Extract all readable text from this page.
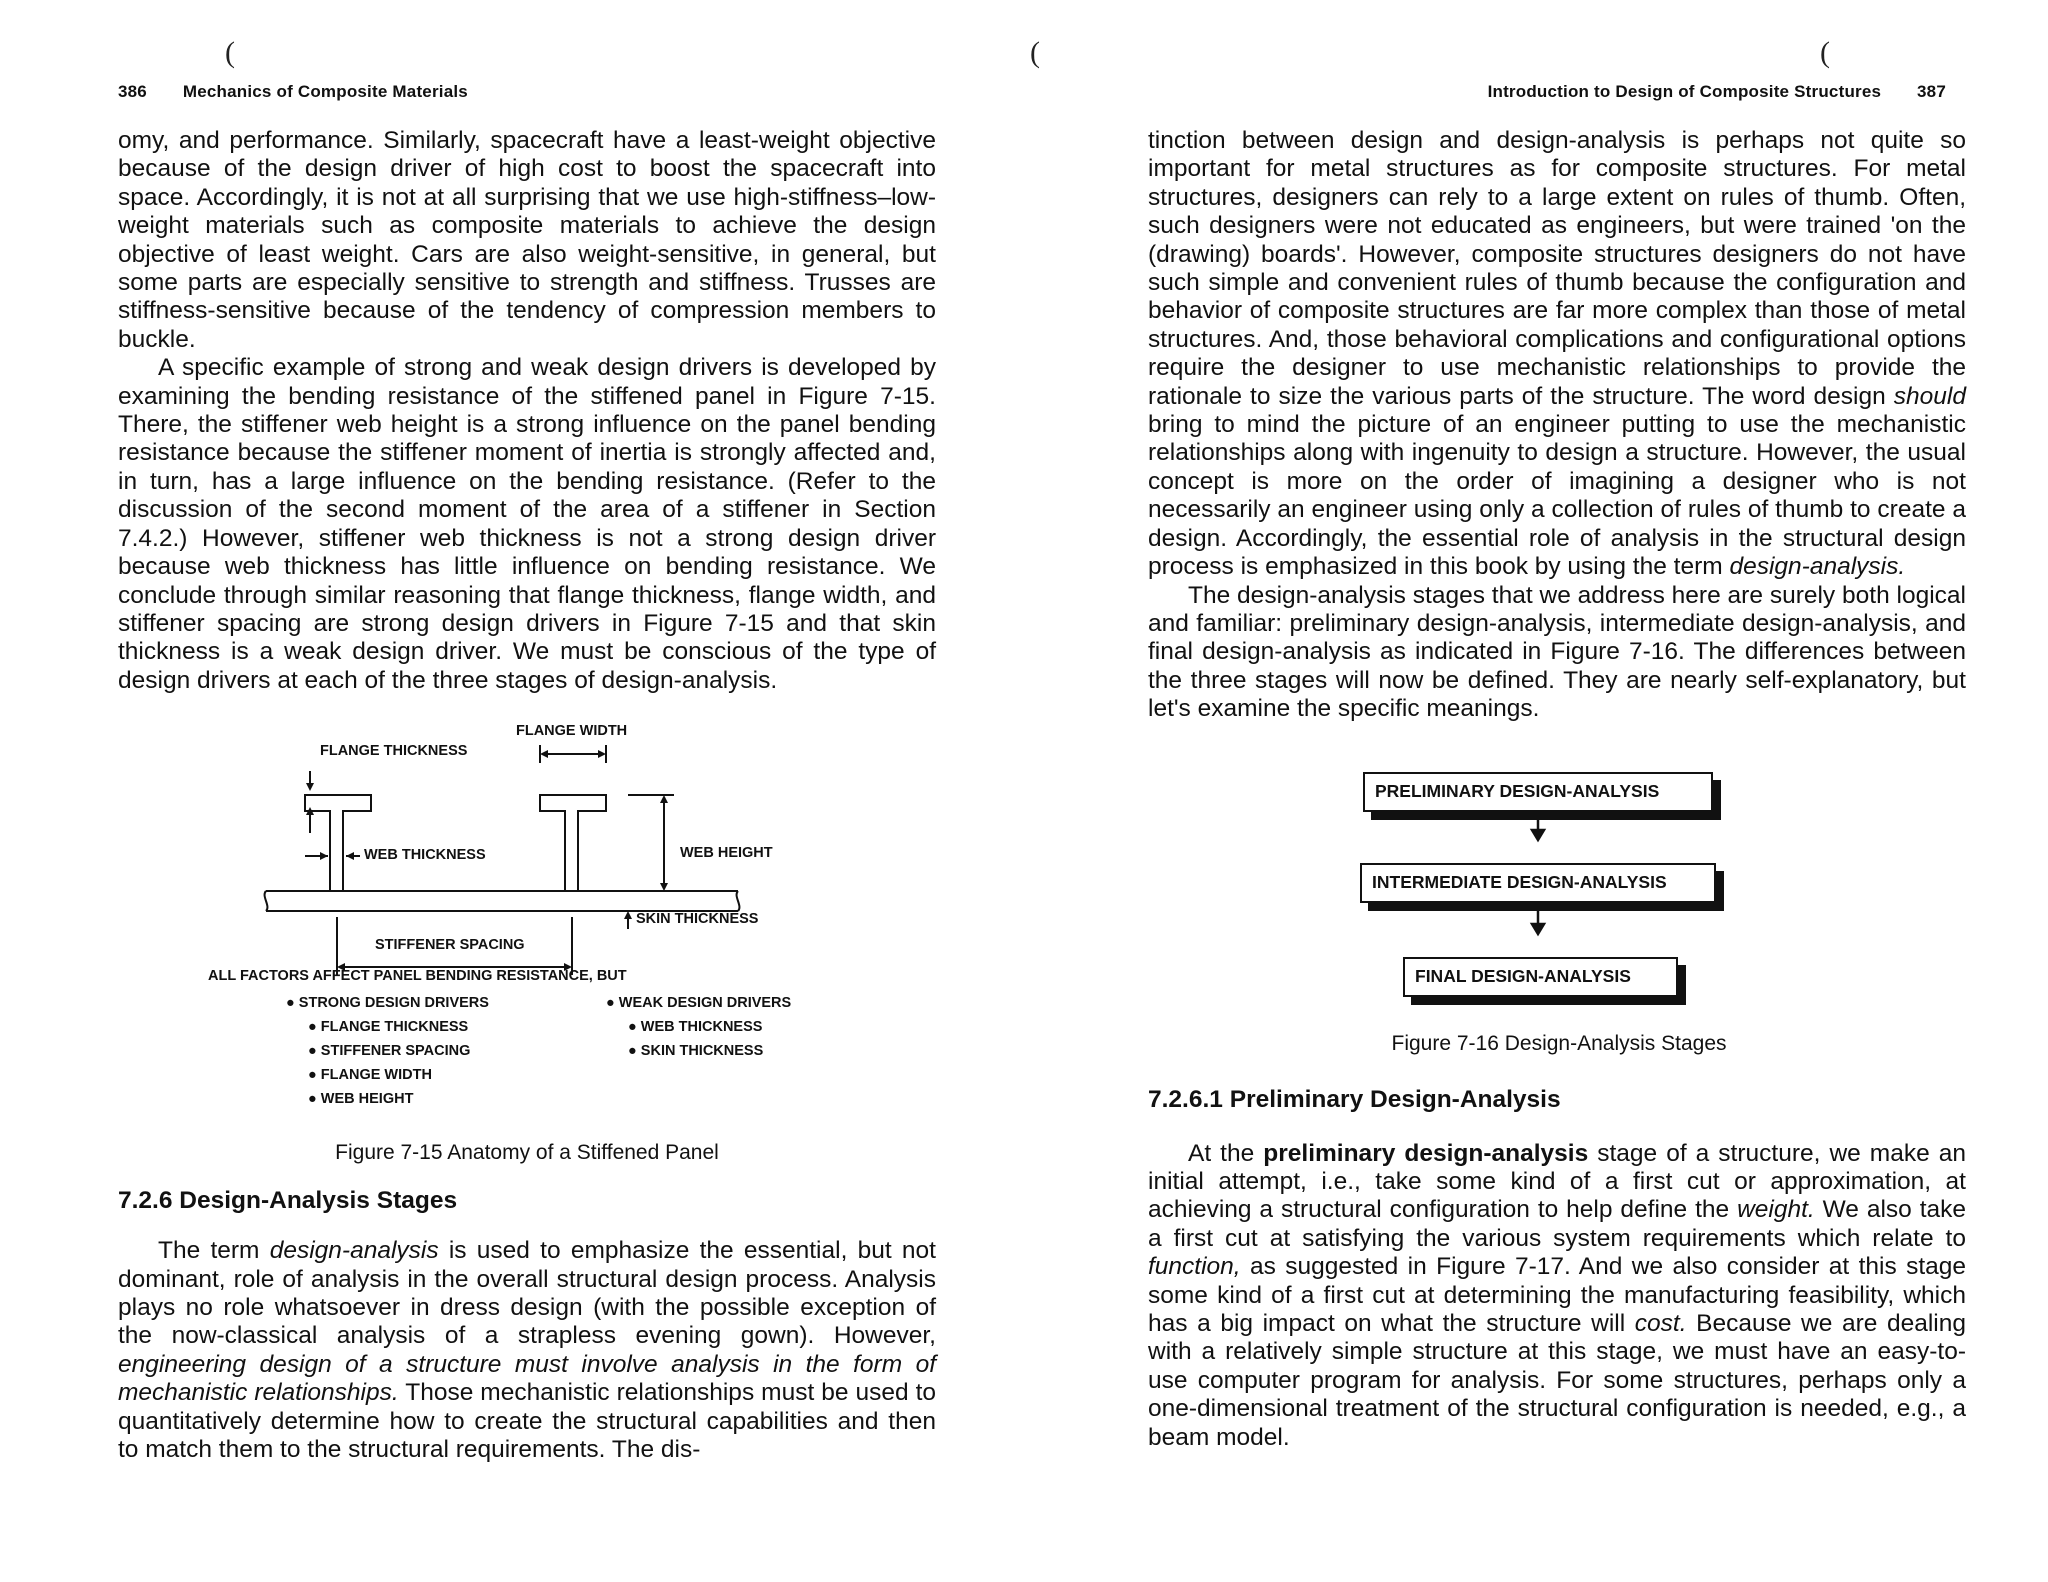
(	(	(
386 Mechanics of Composite Materials	Introduction to Design of Composite Structures 387

omy, and performance. Similarly, spacecraft have a least-weight objective because of the design driver of high cost to boost the spacecraft into space. Accordingly, it is not at all surprising that we use high-stiffness–low-weight materials such as composite materials to achieve the design objective of least weight. Cars are also weight-sensitive, in general, but some parts are especially sensitive to strength and stiffness. Trusses are stiffness-sensitive because of the tendency of compression members to buckle.

A specific example of strong and weak design drivers is developed by examining the bending resistance of the stiffened panel in Figure 7-15. There, the stiffener web height is a strong influence on the panel bending resistance because the stiffener moment of inertia is strongly affected and, in turn, has a large influence on the bending resistance. (Refer to the discussion of the second moment of the area of a stiffener in Section 7.4.2.) However, stiffener web thickness is not a strong design driver because web thickness has little influence on bending resistance. We conclude through similar reasoning that flange thickness, flange width, and stiffener spacing are strong design drivers in Figure 7-15 and that skin thickness is a weak design driver. We must be conscious of the type of design drivers at each of the three stages of design-analysis.

FLANGE WIDTH
FLANGE THICKNESS
WEB THICKNESS	WEB HEIGHT
SKIN THICKNESS
STIFFENER SPACING
ALL FACTORS AFFECT PANEL BENDING RESISTANCE, BUT
● STRONG DESIGN DRIVERS
● FLANGE THICKNESS
● STIFFENER SPACING
● FLANGE WIDTH
● WEB HEIGHT
● WEAK DESIGN DRIVERS
● WEB THICKNESS
● SKIN THICKNESS
Figure 7-15 Anatomy of a Stiffened Panel
7.2.6 Design-Analysis Stages

The term design-analysis is used to emphasize the essential, but not dominant, role of analysis in the overall structural design process. Analysis plays no role whatsoever in dress design (with the possible exception of the now-classical analysis of a strapless evening gown). However, engineering design of a structure must involve analysis in the form of mechanistic relationships. Those mechanistic relationships must be used to quantitatively determine how to create the structural capabilities and then to match them to the structural requirements. The dis-

tinction between design and design-analysis is perhaps not quite so important for metal structures as for composite structures. For metal structures, designers can rely to a large extent on rules of thumb. Often, such designers were not educated as engineers, but were trained 'on the (drawing) boards'. However, composite structures designers do not have such simple and convenient rules of thumb because the configuration and behavior of composite structures are far more complex than those of metal structures. And, those behavioral complications and configurational options require the designer to use mechanistic relationships to provide the rationale to size the various parts of the structure. The word design should bring to mind the picture of an engineer putting to use the mechanistic relationships along with ingenuity to design a structure. However, the usual concept is more on the order of imagining a designer who is not necessarily an engineer using only a collection of rules of thumb to create a design. Accordingly, the essential role of analysis in the structural design process is emphasized in this book by using the term design-analysis.

The design-analysis stages that we address here are surely both logical and familiar: preliminary design-analysis, intermediate design-analysis, and final design-analysis as indicated in Figure 7-16. The differences between the three stages will now be defined. They are nearly self-explanatory, but let's examine the specific meanings.

PRELIMINARY DESIGN-ANALYSIS
INTERMEDIATE DESIGN-ANALYSIS
FINAL DESIGN-ANALYSIS
Figure 7-16 Design-Analysis Stages
7.2.6.1 Preliminary Design-Analysis

At the preliminary design-analysis stage of a structure, we make an initial attempt, i.e., take some kind of a first cut or approximation, at achieving a structural configuration to help define the weight. We also take a first cut at satisfying the various system requirements which relate to function, as suggested in Figure 7-17. And we also consider at this stage some kind of a first cut at determining the manufacturing feasibility, which has a big impact on what the structure will cost. Because we are dealing with a relatively simple structure at this stage, we must have an easy-to-use computer program for analysis. For some structures, perhaps only a one-dimensional treatment of the structural configuration is needed, e.g., a beam model.
